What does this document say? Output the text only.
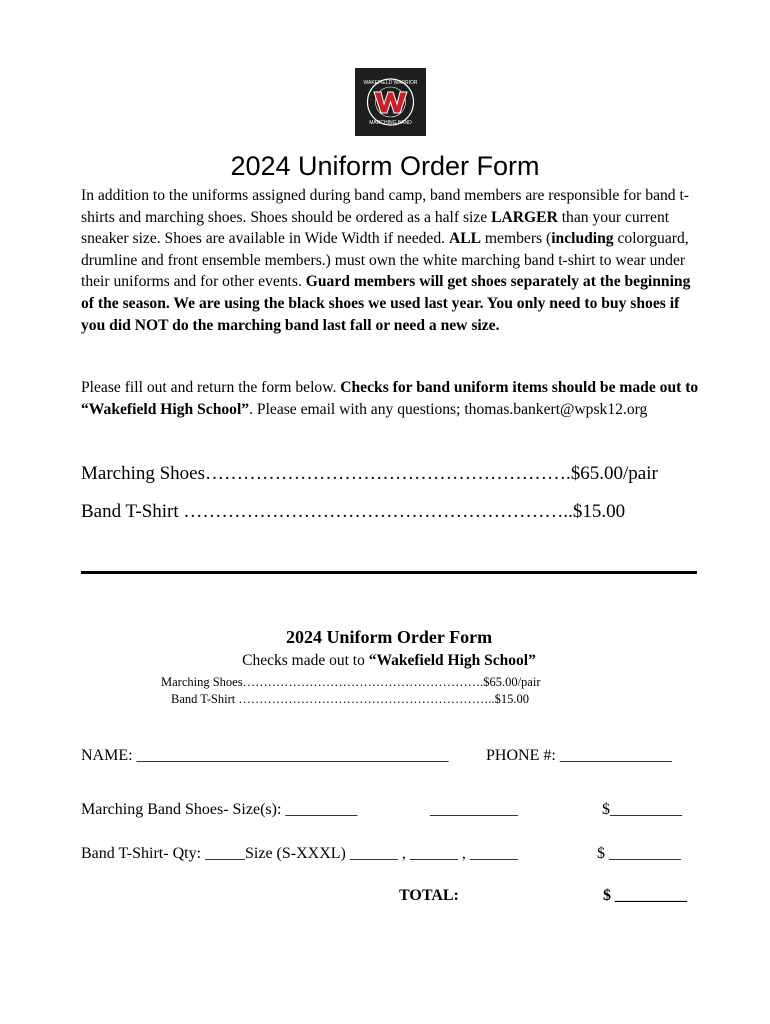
WAKEFIELD WARRIOR
MARCHING BAND
2024 Uniform Order Form
In addition to the uniforms assigned during band camp, band members are responsible for band t-shirts and marching shoes. Shoes should be ordered as a half size LARGER than your current sneaker size. Shoes are available in Wide Width if needed. ALL members (including colorguard, drumline and front ensemble members.) must own the white marching band t-shirt to wear under their uniforms and for other events. Guard members will get shoes separately at the beginning of the season. We are using the black shoes we used last year. You only need to buy shoes if you did NOT do the marching band last fall or need a new size.
Please fill out and return the form below. Checks for band uniform items should be made out to “Wakefield High School”. Please email with any questions; thomas.bankert@wpsk12.org
Marching Shoes………………………………………………….$65.00/pair
Band T-Shirt ……………………………………………………..$15.00
2024 Uniform Order Form
Checks made out to “Wakefield High School”
Marching Shoes………………………………………………….$65.00/pair
Band T-Shirt ……………………………………………………..$15.00
NAME: _______________________________________ PHONE #: ______________
Marching Band Shoes- Size(s): _________	___________	$_________
Band T-Shirt- Qty: _____Size (S-XXXL) ______ , ______ , ______	$ _________
TOTAL:	$ _________
